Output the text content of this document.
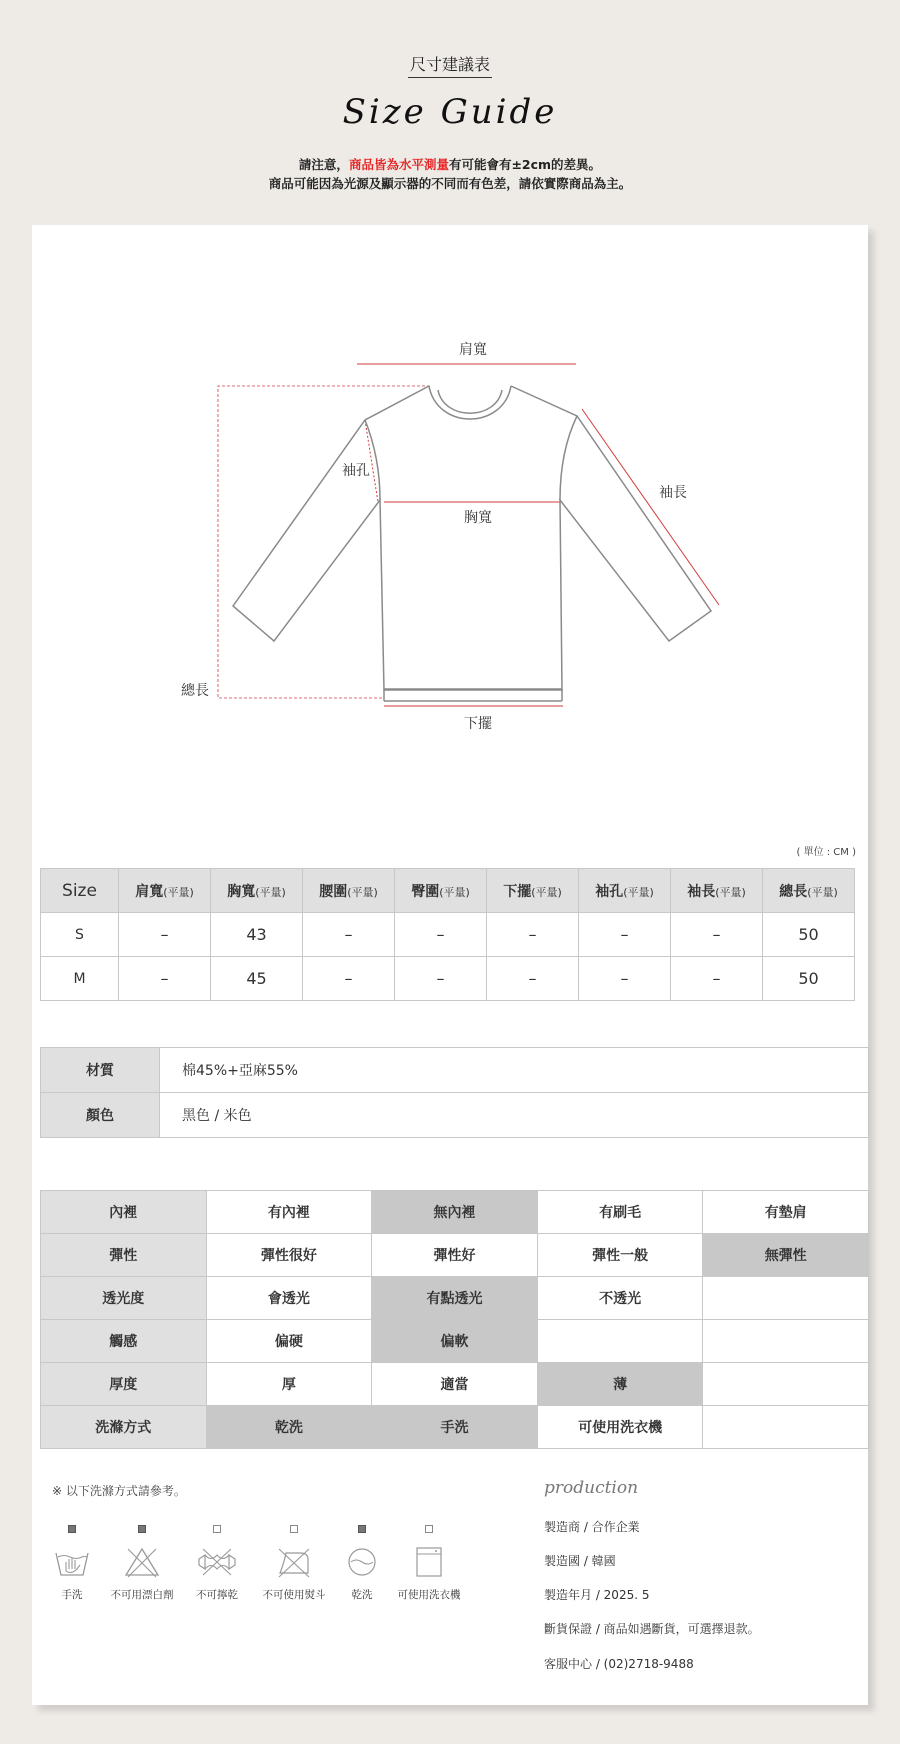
尺寸建議表
Size Guide
請注意，商品皆為水平測量有可能會有±2cm的差異。
商品可能因為光源及顯示器的不同而有色差，請依實際商品為主。
肩寬
袖孔
胸寬
袖長
總長
下擺
( 單位 : CM )
Size	肩寬(平量)	胸寬(平量)	腰圍(平量)	臀圍(平量)	下擺(平量)	袖孔(平量)	袖長(平量)	總長(平量)
S	–	43	–	–	–	–	–	50
M	–	45	–	–	–	–	–	50
材質	棉45%+亞麻55%
顏色	黑色 / 米色
內裡	有內裡	無內裡	有刷毛	有墊肩
彈性	彈性很好	彈性好	彈性一般	無彈性
透光度	會透光	有點透光	不透光	
觸感	偏硬	偏軟		
厚度	厚	適當	薄	
洗滌方式	乾洗	手洗	可使用洗衣機	
※ 以下洗滌方式請參考。
手洗	不可用漂白劑	不可擰乾	不可使用熨斗	乾洗	可使用洗衣機
production
製造商 / 合作企業
製造國 / 韓國
製造年月 / 2025. 5
斷貨保證 / 商品如遇斷貨，可選擇退款。
客服中心 / (02)2718-9488
